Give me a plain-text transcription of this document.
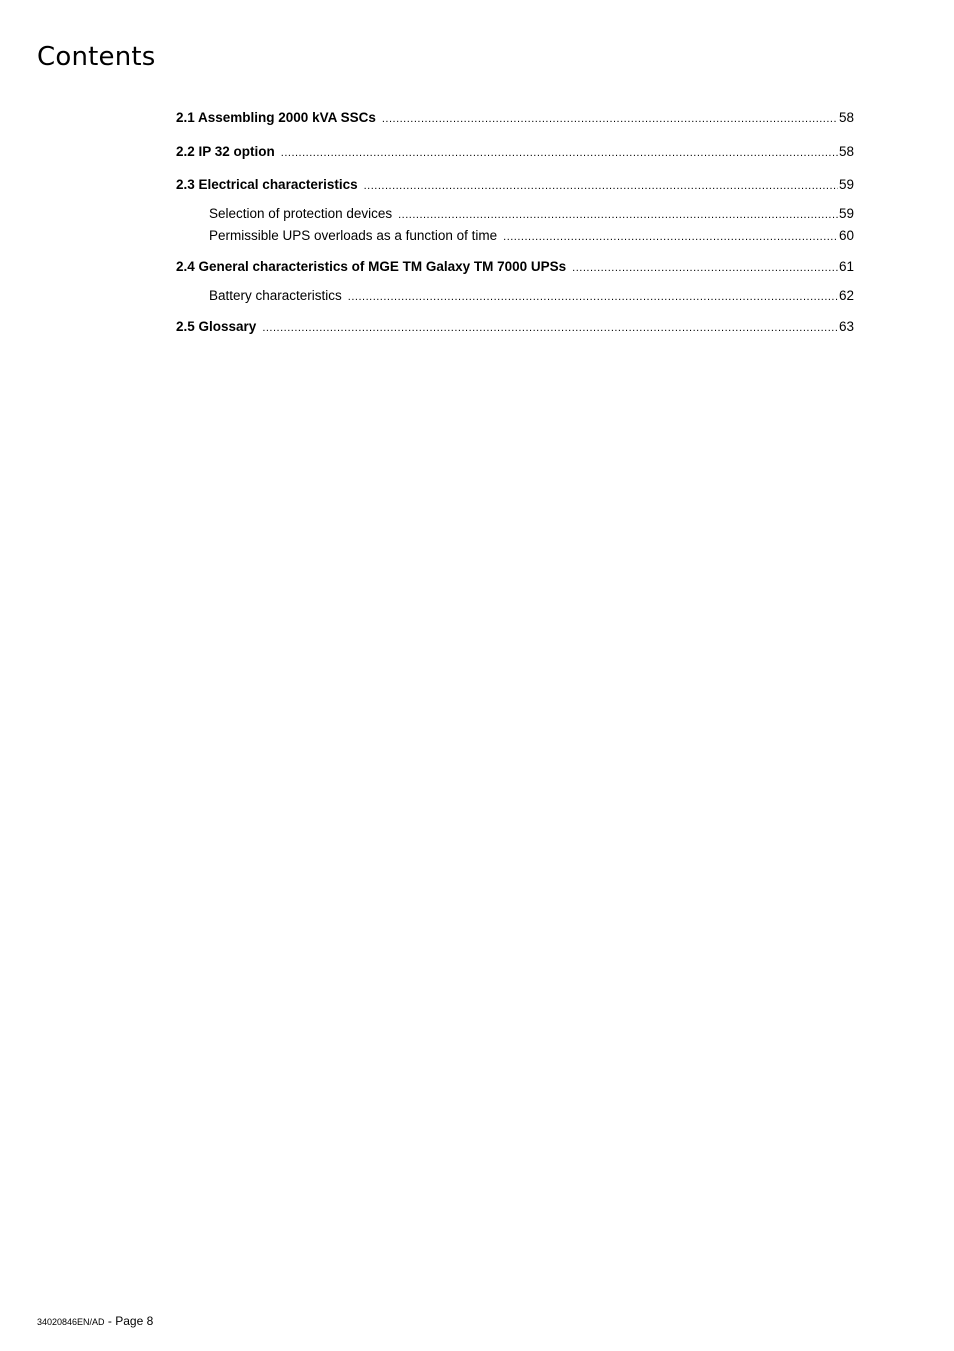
Contents
2.1 Assembling 2000 kVA SSCs .....	58
2.2 IP 32 option .....	58
2.3 Electrical characteristics .....	59
Selection of protection devices .....	59
Permissible UPS overloads as a function of time .....	60
2.4 General characteristics of MGE TM Galaxy TM 7000 UPSs .....	61
Battery characteristics .....	62
2.5 Glossary .....	63
34020846EN/AD - Page 8
